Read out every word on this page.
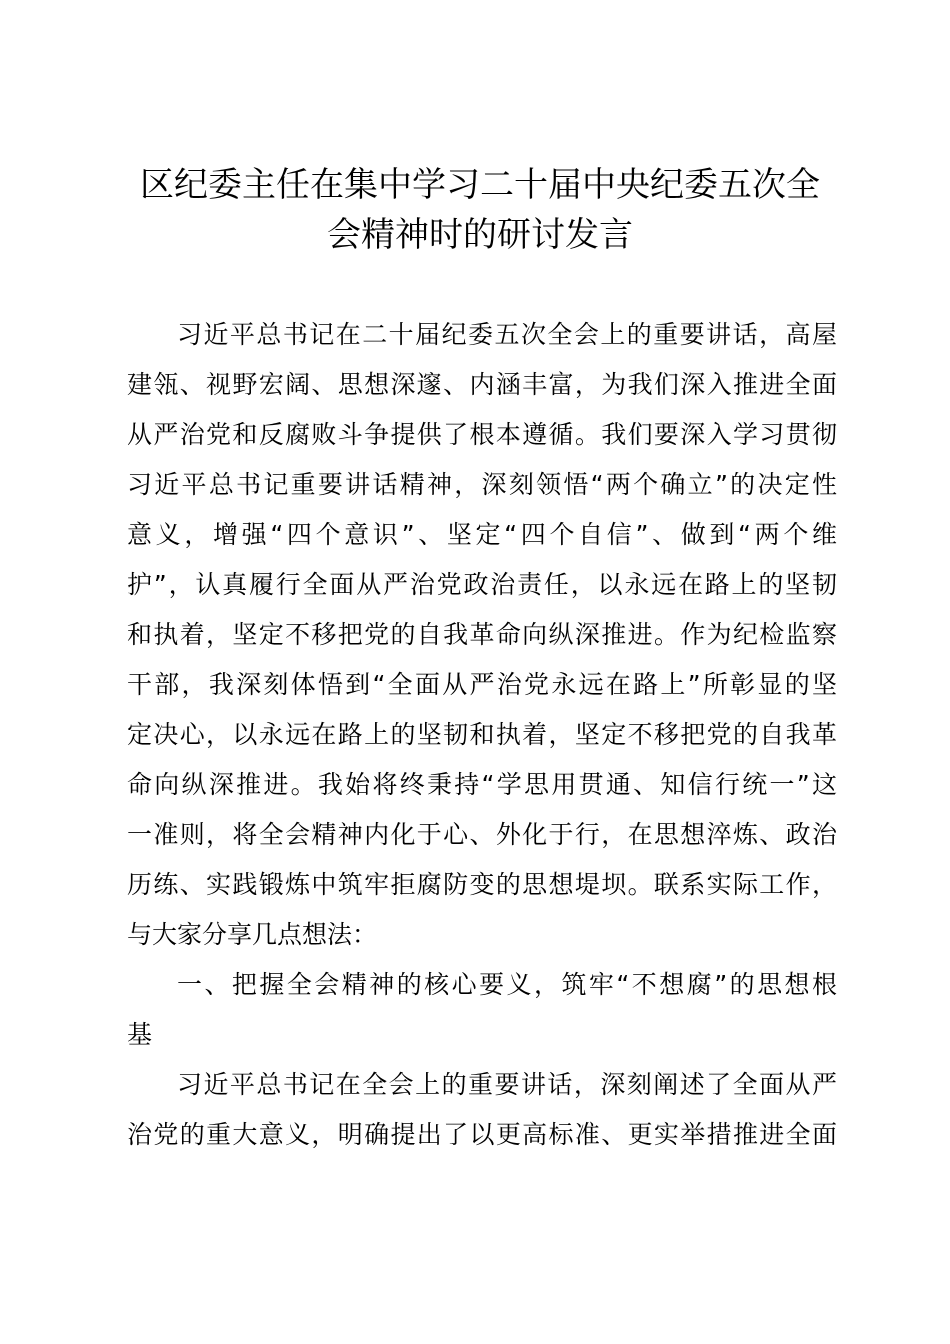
区纪委主任在集中学习二十届中央纪委五次全
会精神时的研讨发言
习近平总书记在二十届纪委五次全会上的重要讲话，高屋
建瓴、视野宏阔、思想深邃、内涵丰富，为我们深入推进全面
从严治党和反腐败斗争提供了根本遵循。我们要深入学习贯彻
习近平总书记重要讲话精神，深刻领悟“两个确立”的决定性
意义，增强“四个意识”、坚定“四个自信”、做到“两个维
护”，认真履行全面从严治党政治责任，以永远在路上的坚韧
和执着，坚定不移把党的自我革命向纵深推进。作为纪检监察
干部，我深刻体悟到“全面从严治党永远在路上”所彰显的坚
定决心，以永远在路上的坚韧和执着，坚定不移把党的自我革
命向纵深推进。我始将终秉持“学思用贯通、知信行统一”这
一准则，将全会精神内化于心、外化于行，在思想淬炼、政治
历练、实践锻炼中筑牢拒腐防变的思想堤坝。联系实际工作，
与大家分享几点想法：
一、把握全会精神的核心要义，筑牢“不想腐”的思想根
基
习近平总书记在全会上的重要讲话，深刻阐述了全面从严
治党的重大意义，明确提出了以更高标准、更实举措推进全面
